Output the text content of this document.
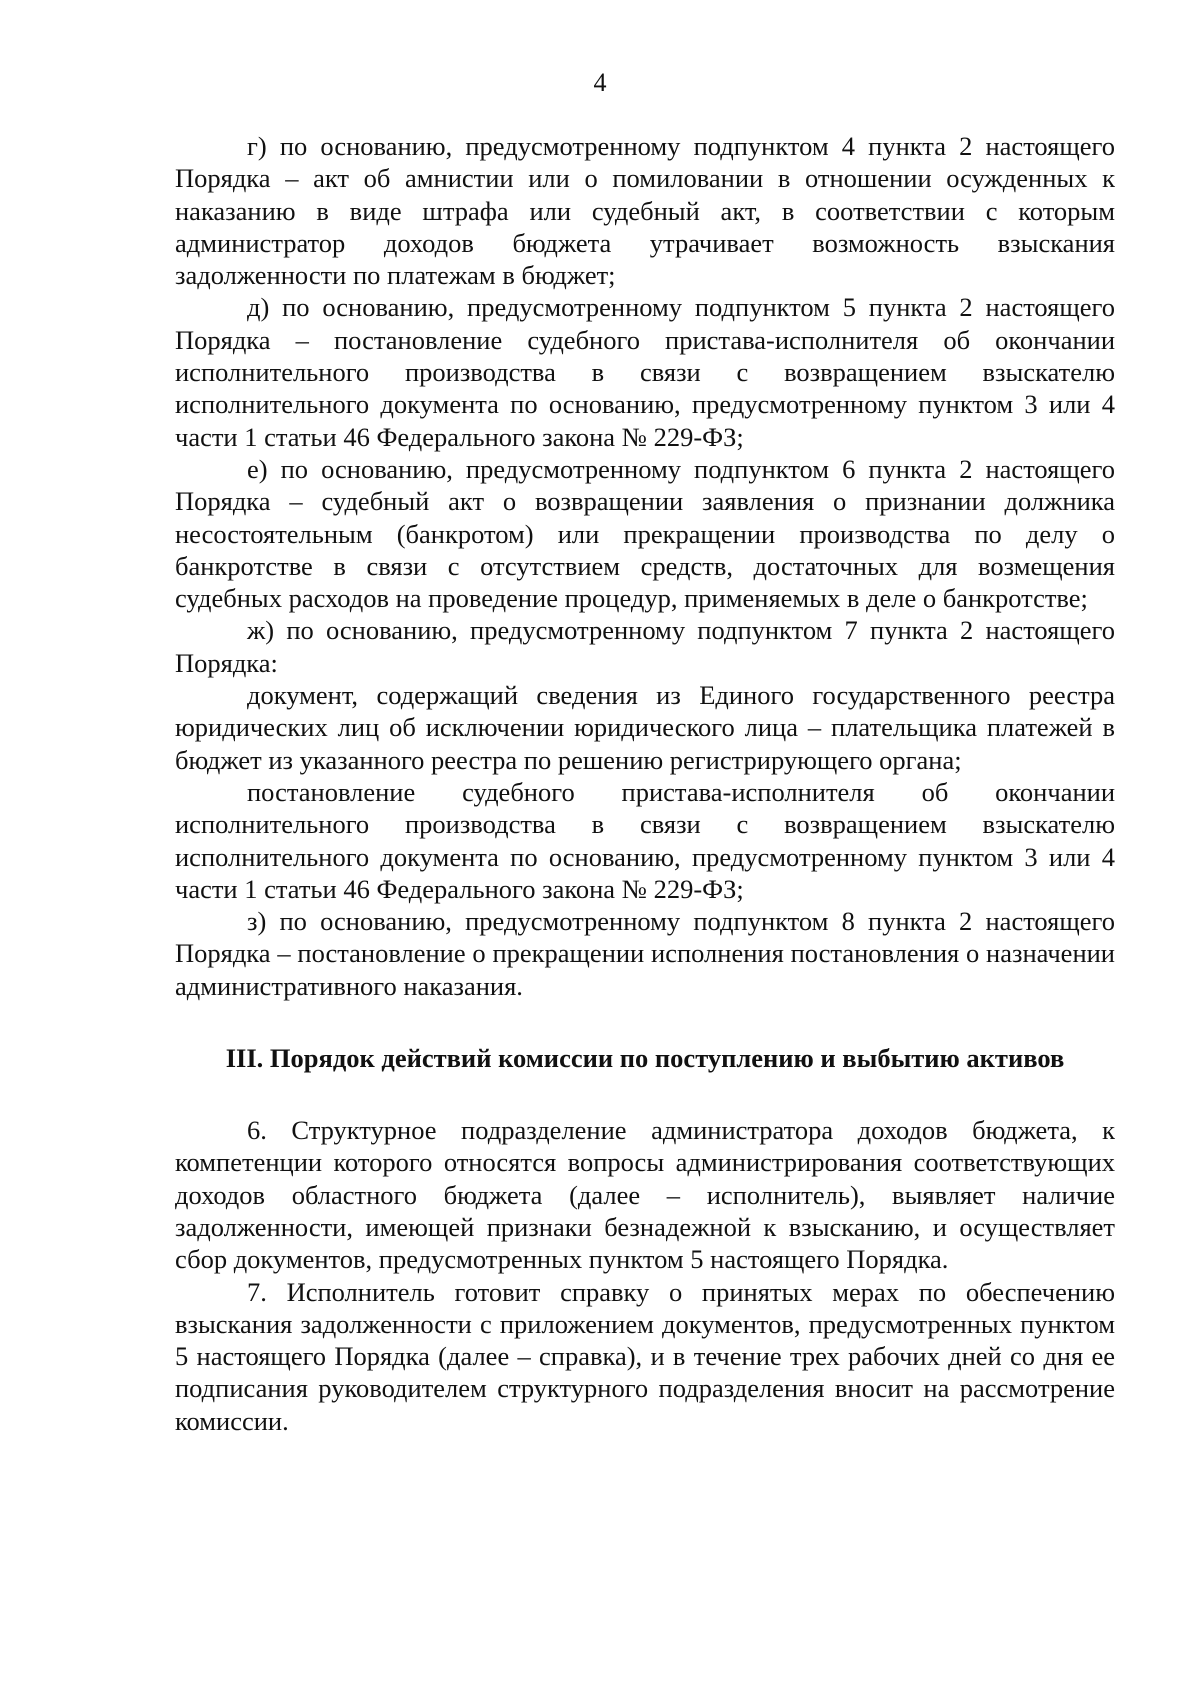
4

г) по основанию, предусмотренному подпунктом 4 пункта 2 настоящего Порядка – акт об амнистии или о помиловании в отношении осужденных к наказанию в виде штрафа или судебный акт, в соответствии с которым администратор доходов бюджета утрачивает возможность взыскания задолженности по платежам в бюджет;

д) по основанию, предусмотренному подпунктом 5 пункта 2 настоящего Порядка – постановление судебного пристава-исполнителя об окончании исполнительного производства в связи с возвращением взыскателю исполнительного документа по основанию, предусмотренному пунктом 3 или 4 части 1 статьи 46 Федерального закона № 229-ФЗ;

е) по основанию, предусмотренному подпунктом 6 пункта 2 настоящего Порядка – судебный акт о возвращении заявления о признании должника несостоятельным (банкротом) или прекращении производства по делу о банкротстве в связи с отсутствием средств, достаточных для возмещения судебных расходов на проведение процедур, применяемых в деле о банкротстве;

ж) по основанию, предусмотренному подпунктом 7 пункта 2 настоящего Порядка:

документ, содержащий сведения из Единого государственного реестра юридических лиц об исключении юридического лица – плательщика платежей в бюджет из указанного реестра по решению регистрирующего органа;

постановление судебного пристава-исполнителя об окончании исполнительного производства в связи с возвращением взыскателю исполнительного документа по основанию, предусмотренному пунктом 3 или 4 части 1 статьи 46 Федерального закона № 229-ФЗ;

з) по основанию, предусмотренному подпунктом 8 пункта 2 настоящего Порядка – постановление о прекращении исполнения постановления о назначении административного наказания.

III. Порядок действий комиссии по поступлению и выбытию активов

6. Структурное подразделение администратора доходов бюджета, к компетенции которого относятся вопросы администрирования соответствующих доходов областного бюджета (далее – исполнитель), выявляет наличие задолженности, имеющей признаки безнадежной к взысканию, и осуществляет сбор документов, предусмотренных пунктом 5 настоящего Порядка.

7. Исполнитель готовит справку о принятых мерах по обеспечению взыскания задолженности с приложением документов, предусмотренных пунктом 5 настоящего Порядка (далее – справка), и в течение трех рабочих дней со дня ее подписания руководителем структурного подразделения вносит на рассмотрение комиссии.
